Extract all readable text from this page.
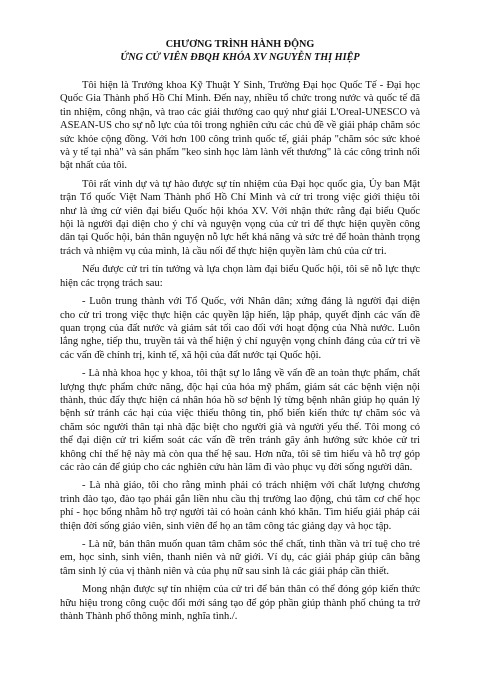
CHƯƠNG TRÌNH HÀNH ĐỘNG
ỨNG CỬ VIÊN ĐBQH KHÓA XV NGUYỄN THỊ HIỆP

Tôi hiện là Trưởng khoa Kỹ Thuật Y Sinh, Trường Đại học Quốc Tế - Đại học Quốc Gia Thành phố Hồ Chí Minh. Đến nay, nhiều tổ chức trong nước và quốc tế đã tin nhiệm, công nhận, và trao các giải thưởng cao quý như giải L'Oreal-UNESCO và ASEAN-US cho sự nỗ lực của tôi trong nghiên cứu các chủ đề về giải pháp chăm sóc sức khỏe cộng đồng. Với hơn 100 công trình quốc tế, giải pháp "chăm sóc sức khoẻ và y tế tại nhà" và sản phẩm "keo sinh học làm lành vết thương" là các công trình nổi bật nhất của tôi.

Tôi rất vinh dự và tự hào được sự tín nhiệm của Đại học quốc gia, Ủy ban Mặt trận Tổ quốc Việt Nam Thành phố Hồ Chí Minh và cử tri trong việc giới thiệu tôi như là ứng cử viên đại biểu Quốc hội khóa XV. Với nhận thức rằng đại biểu Quốc hội là người đại diện cho ý chí và nguyện vọng của cử tri để thực hiện quyền công dân tại Quốc hội, bản thân nguyện nỗ lực hết khả năng và sức trẻ để hoàn thành trọng trách và nhiệm vụ của mình, là cầu nối để thực hiện quyền làm chủ của cử tri.

Nếu được cử tri tín tưởng và lựa chọn làm đại biểu Quốc hội, tôi sẽ nỗ lực thực hiện các trọng trách sau:

- Luôn trung thành với Tổ Quốc, với Nhân dân; xứng đáng là người đại diện cho cử tri trong việc thực hiện các quyền lập hiến, lập pháp, quyết định các vấn đề quan trọng của đất nước và giám sát tối cao đối với hoạt động của Nhà nước. Luôn lắng nghe, tiếp thu, truyền tải và thể hiện ý chí nguyện vọng chính đáng của cử tri về các vấn đề chính trị, kinh tế, xã hội của đất nước tại Quốc hội.

- Là nhà khoa học y khoa, tôi thật sự lo lắng về vấn đề an toàn thực phẩm, chất lượng thực phẩm chức năng, độc hại của hóa mỹ phẩm, giám sát các bệnh viện nội thành, thúc đẩy thực hiện cá nhân hóa hồ sơ bệnh lý từng bệnh nhân giúp họ quản lý bệnh sử tránh các hại của việc thiếu thông tin, phổ biến kiến thức tự chăm sóc và chăm sóc người thân tại nhà đặc biệt cho người già và người yếu thế. Tôi mong có thể đại diện cử tri kiểm soát các vấn đề trên tránh gây ảnh hưởng sức khỏe cử tri không chỉ thế hệ này mà còn qua thế hệ sau. Hơn nữa, tôi sẽ tìm hiểu và hỗ trợ góp các rào cản để giúp cho các nghiên cứu hàn lâm đi vào phục vụ đời sống người dân.

- Là nhà giáo, tôi cho rằng mình phải có trách nhiệm với chất lượng chương trình đào tạo, đào tạo phải gắn liền nhu cầu thị trường lao động, chú tâm cơ chế học phí - học bổng nhằm hỗ trợ người tài có hoàn cảnh khó khăn. Tìm hiểu giải pháp cải thiện đời sống giáo viên, sinh viên để họ an tâm công tác giảng dạy và học tập.

- Là nữ, bản thân muốn quan tâm chăm sóc thể chất, tinh thần và trí tuệ cho trẻ em, học sinh, sinh viên, thanh niên và nữ giới. Ví dụ, các giải pháp giúp cân bằng tâm sinh lý của vị thành niên và của phụ nữ sau sinh là các giải pháp cần thiết.

Mong nhận được sự tín nhiệm của cử tri để bản thân có thể đóng góp kiến thức hữu hiệu trong công cuộc đổi mới sáng tạo để góp phần giúp thành phố chúng ta trở thành Thành phố thông minh, nghĩa tình./.
